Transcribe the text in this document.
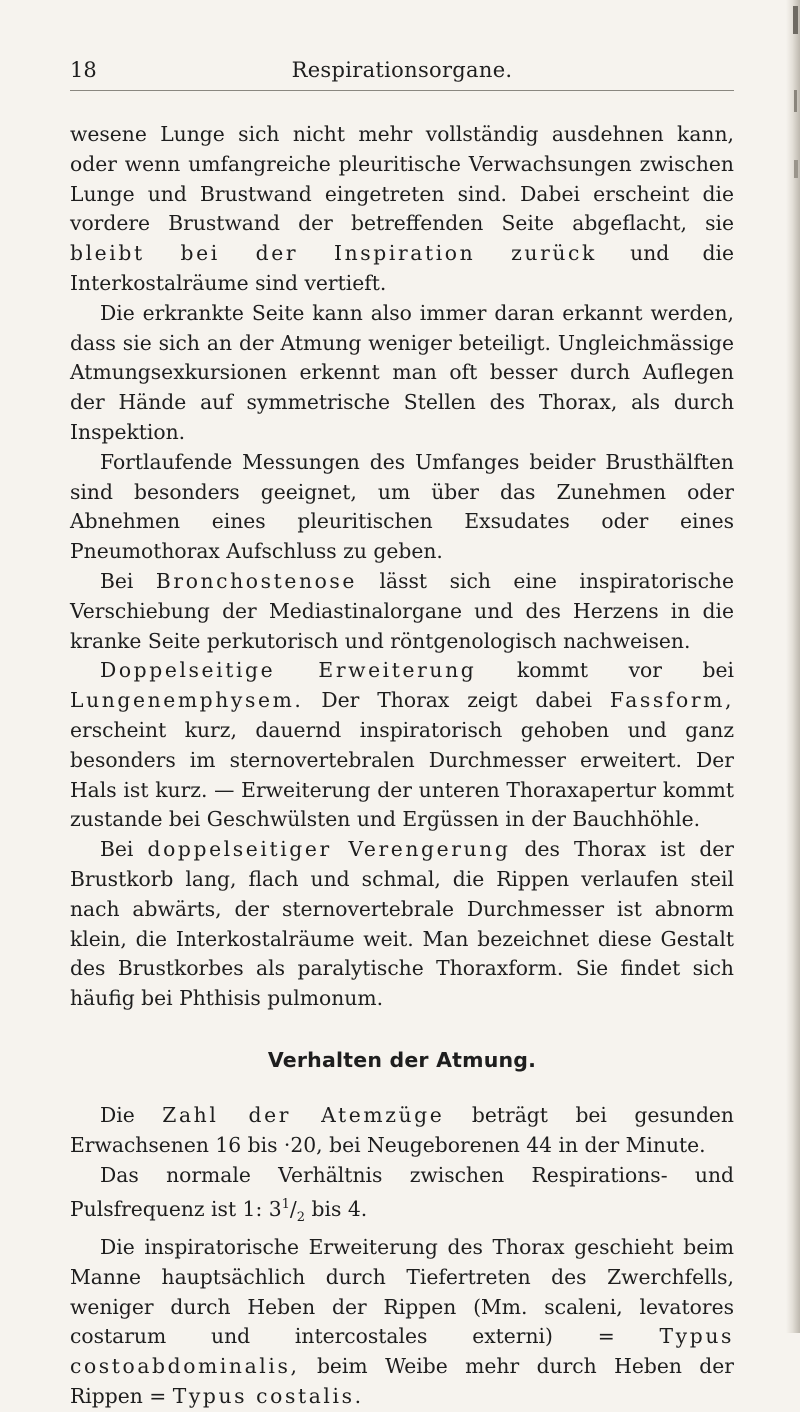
18	Respirationsorgane.

wesene Lunge sich nicht mehr vollständig ausdehnen kann, oder wenn umfangreiche pleuritische Verwachsungen zwischen Lunge und Brustwand eingetreten sind. Dabei erscheint die vordere Brustwand der betreffenden Seite abgeflacht, sie bleibt bei der Inspiration zurück und die Interkostalräume sind vertieft.

Die erkrankte Seite kann also immer daran erkannt werden, dass sie sich an der Atmung weniger beteiligt. Ungleichmässige Atmungsexkursionen erkennt man oft besser durch Auflegen der Hände auf symmetrische Stellen des Thorax, als durch Inspektion.

Fortlaufende Messungen des Umfanges beider Brusthälften sind besonders geeignet, um über das Zunehmen oder Abnehmen eines pleuritischen Exsudates oder eines Pneumothorax Aufschluss zu geben.

Bei Bronchostenose lässt sich eine inspiratorische Verschiebung der Mediastinalorgane und des Herzens in die kranke Seite perkutorisch und röntgenologisch nachweisen.

Doppelseitige Erweiterung kommt vor bei Lungenemphysem. Der Thorax zeigt dabei Fassform, erscheint kurz, dauernd inspiratorisch gehoben und ganz besonders im sternovertebralen Durchmesser erweitert. Der Hals ist kurz. — Erweiterung der unteren Thoraxapertur kommt zustande bei Geschwülsten und Ergüssen in der Bauchhöhle.

Bei doppelseitiger Verengerung des Thorax ist der Brustkorb lang, flach und schmal, die Rippen verlaufen steil nach abwärts, der sternovertebrale Durchmesser ist abnorm klein, die Interkostalräume weit. Man bezeichnet diese Gestalt des Brustkorbes als paralytische Thoraxform. Sie findet sich häufig bei Phthisis pulmonum.

Verhalten der Atmung.

Die Zahl der Atemzüge beträgt bei gesunden Erwachsenen 16 bis ·20, bei Neugeborenen 44 in der Minute.

Das normale Verhältnis zwischen Respirations- und Pulsfrequenz ist 1: $3^1/_2$ bis 4.

Die inspiratorische Erweiterung des Thorax geschieht beim Manne hauptsächlich durch Tiefertreten des Zwerchfells, weniger durch Heben der Rippen (Mm. scaleni, levatores costarum und intercostales externi) = Typus costoabdominalis, beim Weibe mehr durch Heben der Rippen = Typus costalis.
